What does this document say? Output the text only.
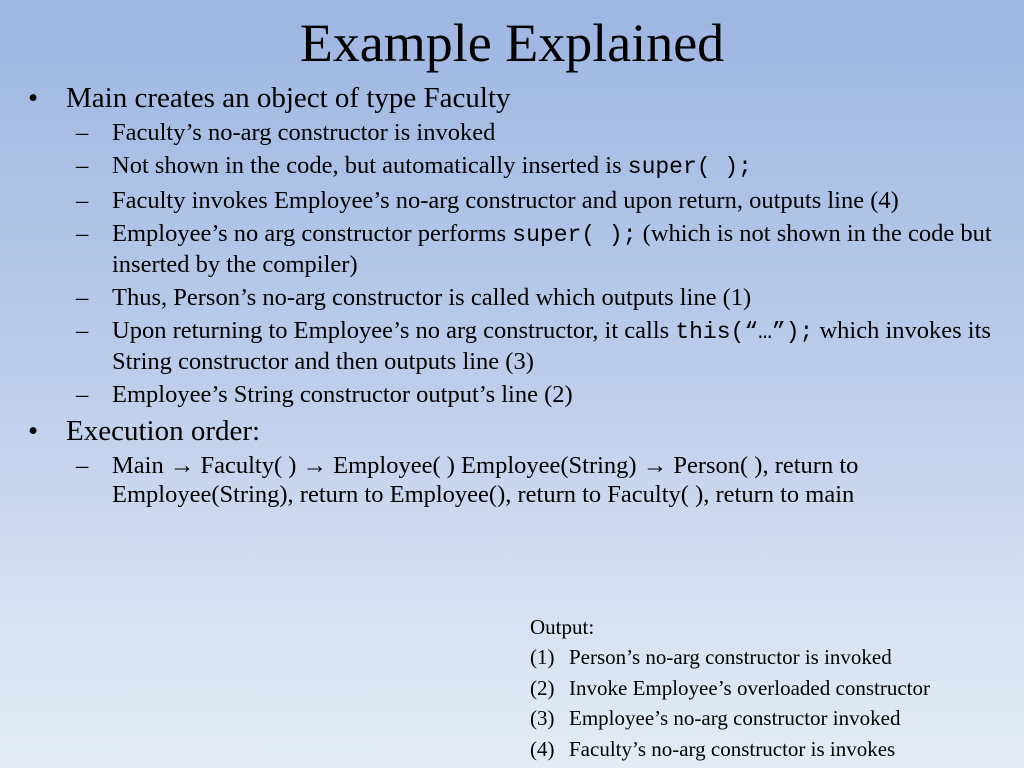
Example Explained
• Main creates an object of type Faculty
– Faculty’s no-arg constructor is invoked
– Not shown in the code, but automatically inserted is super( );
– Faculty invokes Employee’s no-arg constructor and upon return, outputs line (4)
– Employee’s no arg constructor performs super( ); (which is not shown in the code but inserted by the compiler)
– Thus, Person’s no-arg constructor is called which outputs line (1)
– Upon returning to Employee’s no arg constructor, it calls this(“…”); which invokes its String constructor and then outputs line (3)
– Employee’s String constructor output’s line (2)
• Execution order:
– Main → Faculty( ) → Employee( ) Employee(String) → Person( ), return to Employee(String), return to Employee(), return to Faculty( ), return to main
Output:
(1) Person’s no-arg constructor is invoked
(2) Invoke Employee’s overloaded constructor
(3) Employee’s no-arg constructor invoked
(4) Faculty’s no-arg constructor is invokes
